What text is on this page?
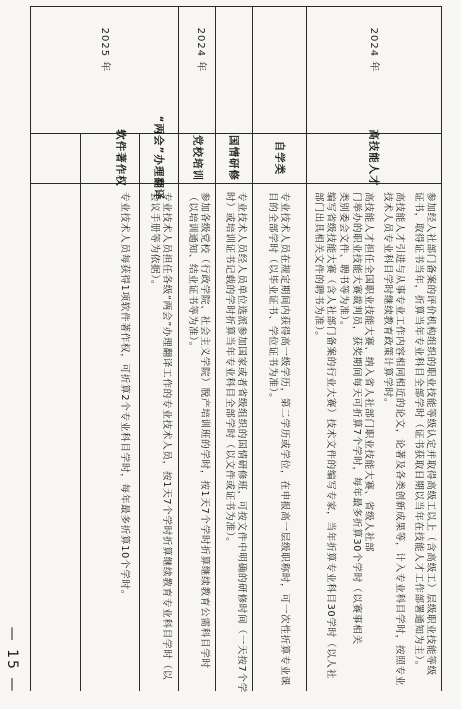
2024 年
高技能人才
参加经人社部门备案的评价机构组织的职业技能等级认定并取得高级工以上（含高级工）层级职业技能等级
证书，取得证书当年，折算当年专业科目全部学时（证书获取日期以当年在技能人才工作部署通知为主）。
高技能人才引进与从事专业工作内容相同相近的论文，论著及各类创新成果等，计入专业科目学时，按照专业
技术人员专业科目学时继续教育政策计算学时。
高技能人才担任全国职业技能大赛、纳入省人社部门职业技能大赛、省级人社部
门举办的职业技能大赛裁判员，获奖期间每天可折算7个学时，每年最多折算30个学时（以赛事相关
类别委会文件、聘书等为准）。
编写省级技能大赛（含人社部门备案的行业大赛）技术文件的编写专家，当年折算专业科目30学时（以人社
部门出具相关文件的聘书为准）。
自学类
专业技术人员在规定期间内获得高一级学历，第二学历或学位，在申报高一层级职称时，可一次性折算专业课
目的全部学时（以毕业证书、学位证书为准）。
2024 年
国情研修
专业技术人员经人员单位选派参加国家或者省级组织的国情研修班，可按文件中明确的研修时间（一天按7个学
时）或培训证书记载的学时折算当年专业科目全部学时（以文件或证书为准）。
党校培训
参加各级党校（行政学院、社会主义学院）脱产培训班的学时，按1天7个学时折算继续教育公需科目学时
（以培训通知、结业证书等为准）。
2025 年
“两会”办理翻译
专业技术人员担任各级“两会”办理翻译工作的专业技术人员，按1天7个学时折算继续教育专业科目学时（以
会议手册等为依据）。
软件著作权
专业技术人员每获得1项软件著作权，可折算2个专业科目学时，每年最多折算10个学时。
— 15 —
